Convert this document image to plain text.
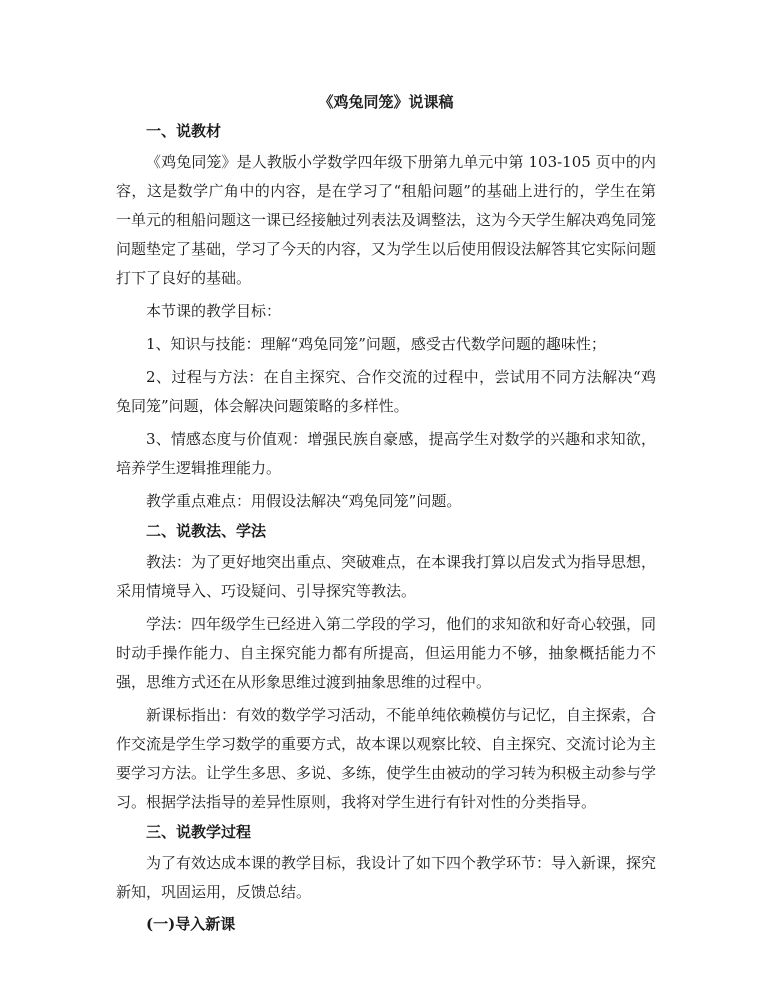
《鸡兔同笼》说课稿
一、说教材

《鸡兔同笼》是人教版小学数学四年级下册第九单元中第 103-105 页中的内容，这是数学广角中的内容，是在学习了“租船问题”的基础上进行的，学生在第一单元的租船问题这一课已经接触过列表法及调整法，这为今天学生解决鸡兔同笼问题垫定了基础，学习了今天的内容，又为学生以后使用假设法解答其它实际问题打下了良好的基础。

本节课的教学目标：

1、知识与技能：理解“鸡兔同笼”问题，感受古代数学问题的趣味性；

2、过程与方法：在自主探究、合作交流的过程中，尝试用不同方法解决“鸡兔同笼”问题，体会解决问题策略的多样性。

3、情感态度与价值观：增强民族自豪感，提高学生对数学的兴趣和求知欲，培养学生逻辑推理能力。

教学重点难点：用假设法解决“鸡兔同笼”问题。

二、说教法、学法

教法：为了更好地突出重点、突破难点，在本课我打算以启发式为指导思想，采用情境导入、巧设疑问、引导探究等教法。

学法：四年级学生已经进入第二学段的学习，他们的求知欲和好奇心较强，同时动手操作能力、自主探究能力都有所提高，但运用能力不够，抽象概括能力不强，思维方式还在从形象思维过渡到抽象思维的过程中。

新课标指出：有效的数学学习活动，不能单纯依赖模仿与记忆，自主探索，合作交流是学生学习数学的重要方式，故本课以观察比较、自主探究、交流讨论为主要学习方法。让学生多思、多说、多练，使学生由被动的学习转为积极主动参与学习。根据学法指导的差异性原则，我将对学生进行有针对性的分类指导。

三、说教学过程

为了有效达成本课的教学目标，我设计了如下四个教学环节：导入新课，探究新知，巩固运用，反馈总结。

(一)导入新课
